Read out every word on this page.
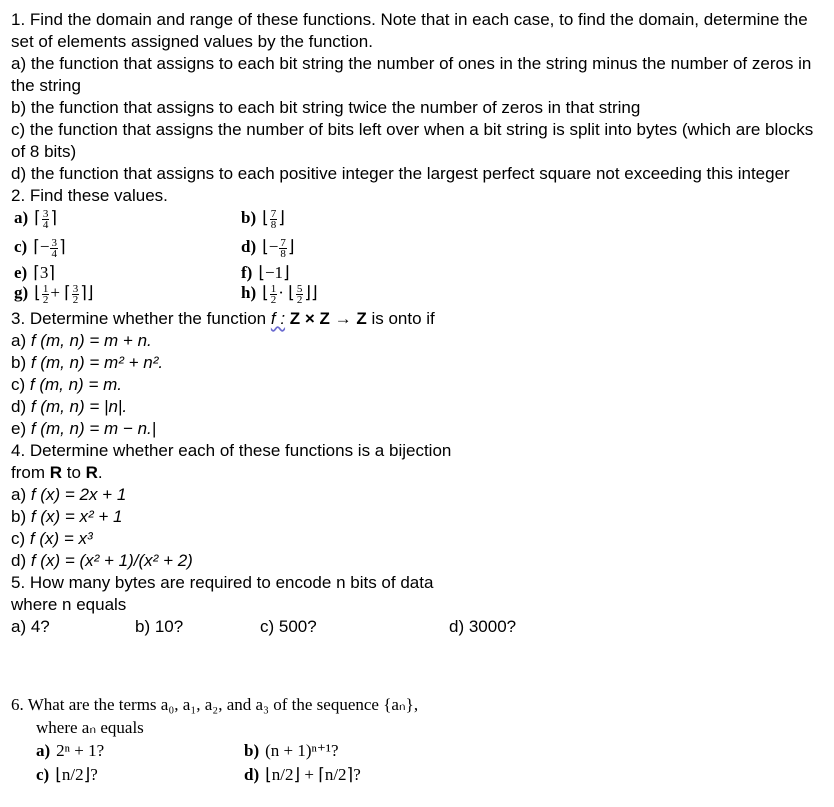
1. Find the domain and range of these functions. Note that in each case, to find the domain, determine the set of elements assigned values by the function.
a) the function that assigns to each bit string the number of ones in the string minus the number of zeros in the string
b) the function that assigns to each bit string twice the number of zeros in that string
c) the function that assigns the number of bits left over when a bit string is split into bytes (which are blocks of 8 bits)
d) the function that assigns to each positive integer the largest perfect square not exceeding this integer
2. Find these values.
a) ⌈ $\frac{3}{4}$ ⌉	b) ⌊ $\frac{7}{8}$ ⌋
c) ⌈− $\frac{3}{4}$ ⌉	d) ⌊− $\frac{7}{8}$ ⌋
e) ⌈3⌉	f) ⌊−1⌋
g) ⌊ $\frac{1}{2}$ + ⌈ $\frac{3}{2}$ ⌉⌋	h) ⌊ $\frac{1}{2}$ · ⌊ $\frac{5}{2}$ ⌋⌋
3. Determine whether the function f : Z × Z → Z is onto if
a) f (m, n) = m + n.
b) f (m, n) = m² + n².
c) f (m, n) = m.
d) f (m, n) = |n|.
e) f (m, n) = m − n.|
4. Determine whether each of these functions is a bijection
from R to R.
a) f (x) = 2x + 1
b) f (x) = x² + 1
c) f (x) = x³
d) f (x) = (x² + 1)/(x² + 2)
5. How many bytes are required to encode n bits of data
where n equals
a) 4?	b) 10?	c) 500?	d) 3000?
6. What are the terms a₀, a₁, a₂, and a₃ of the sequence {aₙ},
where aₙ equals
a) 2ⁿ + 1?	b) (n + 1)ⁿ⁺¹?
c) ⌊n/2⌋?	d) ⌊n/2⌋ + ⌈n/2⌉?
